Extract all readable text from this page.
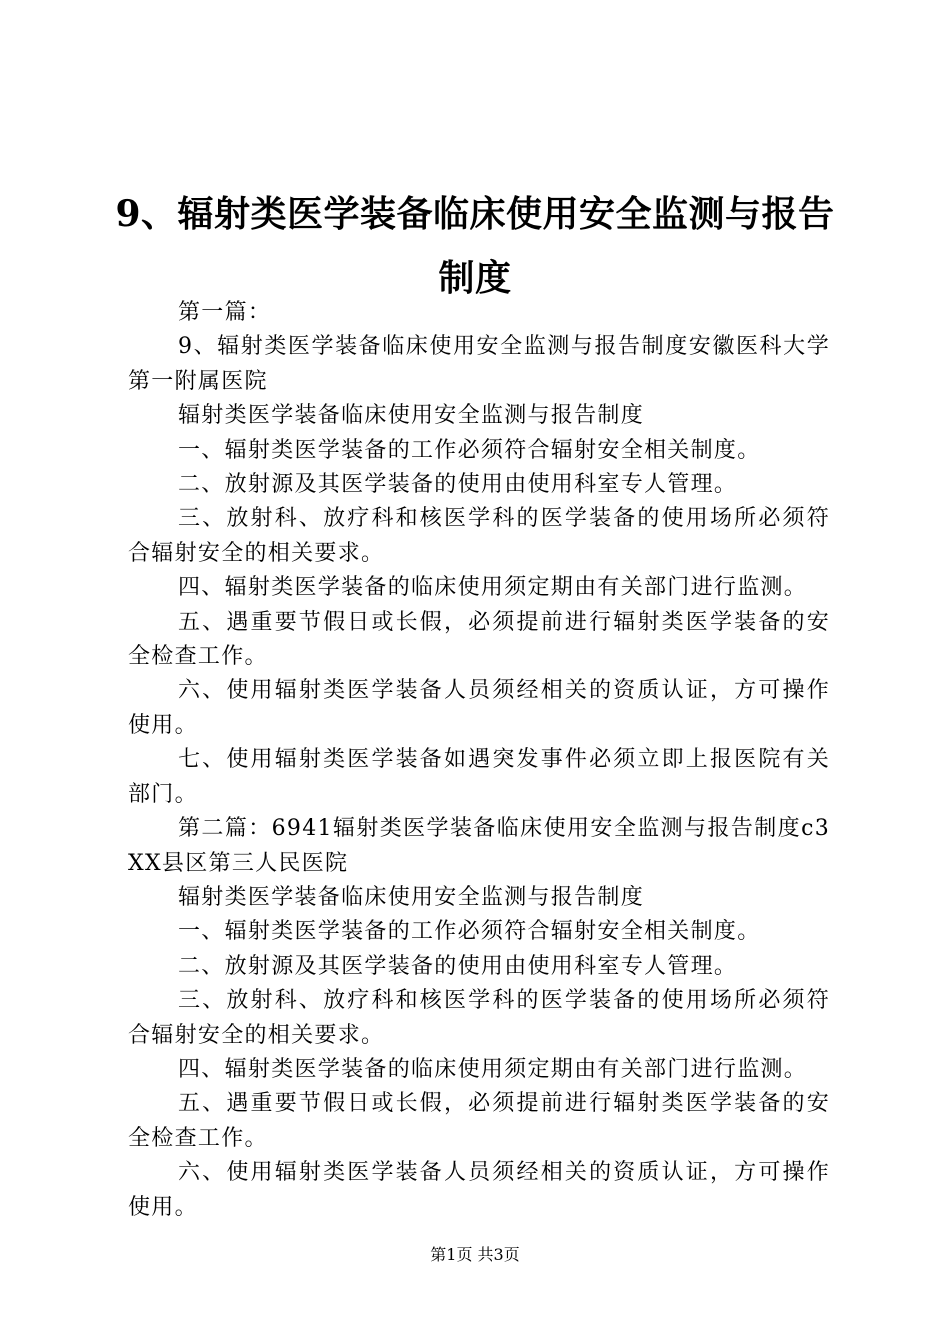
9、辐射类医学装备临床使用安全监测与报告
制度

第一篇：

9、辐射类医学装备临床使用安全监测与报告制度安徽医科大学第一附属医院

辐射类医学装备临床使用安全监测与报告制度

一、辐射类医学装备的工作必须符合辐射安全相关制度。

二、放射源及其医学装备的使用由使用科室专人管理。

三、放射科、放疗科和核医学科的医学装备的使用场所必须符合辐射安全的相关要求。

四、辐射类医学装备的临床使用须定期由有关部门进行监测。

五、遇重要节假日或长假，必须提前进行辐射类医学装备的安全检查工作。

六、使用辐射类医学装备人员须经相关的资质认证，方可操作使用。

七、使用辐射类医学装备如遇突发事件必须立即上报医院有关部门。

第二篇：6941辐射类医学装备临床使用安全监测与报告制度c3XX县区第三人民医院

辐射类医学装备临床使用安全监测与报告制度

一、辐射类医学装备的工作必须符合辐射安全相关制度。

二、放射源及其医学装备的使用由使用科室专人管理。

三、放射科、放疗科和核医学科的医学装备的使用场所必须符合辐射安全的相关要求。

四、辐射类医学装备的临床使用须定期由有关部门进行监测。

五、遇重要节假日或长假，必须提前进行辐射类医学装备的安全检查工作。

六、使用辐射类医学装备人员须经相关的资质认证，方可操作使用。

第1页 共3页
